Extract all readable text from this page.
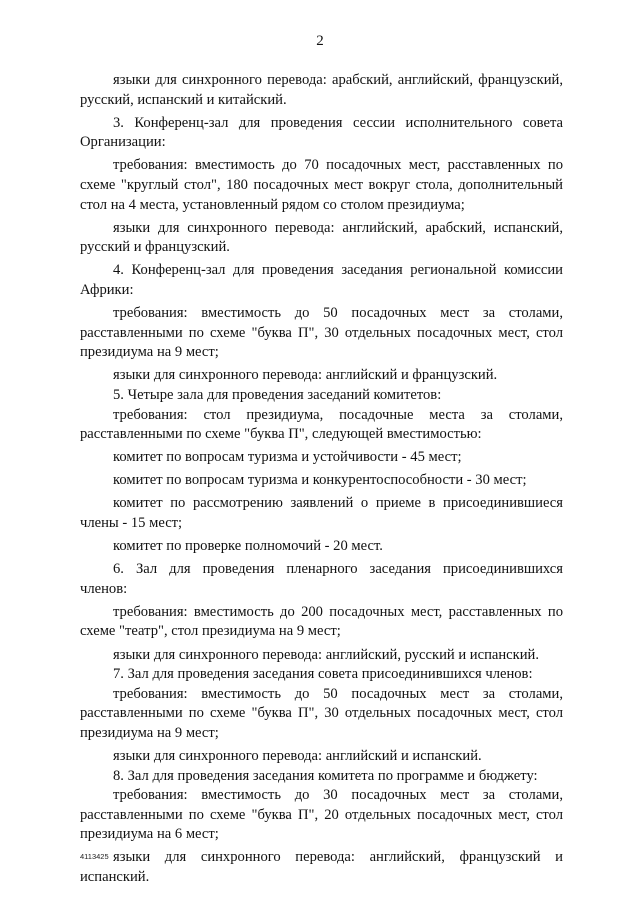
2

языки для синхронного перевода: арабский, английский, французский, русский, испанский и китайский.

3. Конференц-зал для проведения сессии исполнительного совета Организации:

требования: вместимость до 70 посадочных мест, расставленных по схеме "круглый стол", 180 посадочных мест вокруг стола, дополнительный стол на 4 места, установленный рядом со столом президиума;

языки для синхронного перевода: английский, арабский, испанский, русский и французский.

4. Конференц-зал для проведения заседания региональной комиссии Африки:

требования: вместимость до 50 посадочных мест за столами, расставленными по схеме "буква П", 30 отдельных посадочных мест, стол президиума на 9 мест;

языки для синхронного перевода: английский и французский.

5. Четыре зала для проведения заседаний комитетов:

требования: стол президиума, посадочные места за столами, расставленными по схеме "буква П", следующей вместимостью:

комитет по вопросам туризма и устойчивости - 45 мест;

комитет по вопросам туризма и конкурентоспособности - 30 мест;

комитет по рассмотрению заявлений о приеме в присоединившиеся члены - 15 мест;

комитет по проверке полномочий - 20 мест.

6. Зал для проведения пленарного заседания присоединившихся членов:

требования: вместимость до 200 посадочных мест, расставленных по схеме "театр", стол президиума на 9 мест;

языки для синхронного перевода: английский, русский и испанский.

7. Зал для проведения заседания совета присоединившихся членов:

требования: вместимость до 50 посадочных мест за столами, расставленными по схеме "буква П", 30 отдельных посадочных мест, стол президиума на 9 мест;

языки для синхронного перевода: английский и испанский.

8. Зал для проведения заседания комитета по программе и бюджету:

требования: вместимость до 30 посадочных мест за столами, расставленными по схеме "буква П", 20 отдельных посадочных мест, стол президиума на 6 мест;

языки для синхронного перевода: английский, французский и испанский.

4113425
